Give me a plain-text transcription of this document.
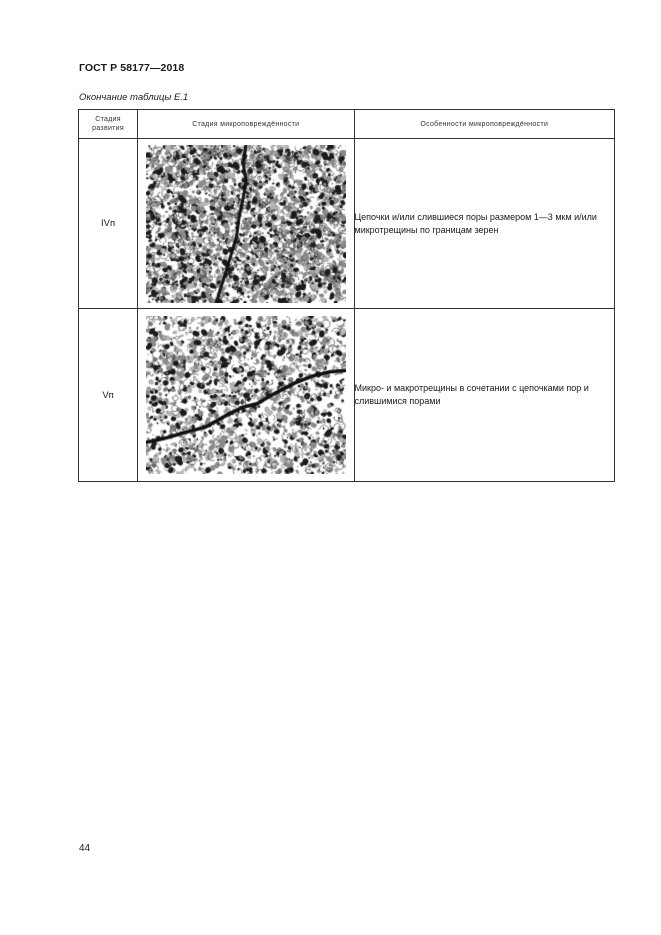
ГОСТ Р 58177—2018
Окончание таблицы Е.1
Стадия развития	Стадия микроповреждённости	Особенности микроповреждённости
IVп		Цепочки и/или слившиеся поры размером 1—3 мкм и/или микротрещины по границам зерен
Vп		Микро- и макротрещины в сочетании с цепочками пор и слившимися порами
44
